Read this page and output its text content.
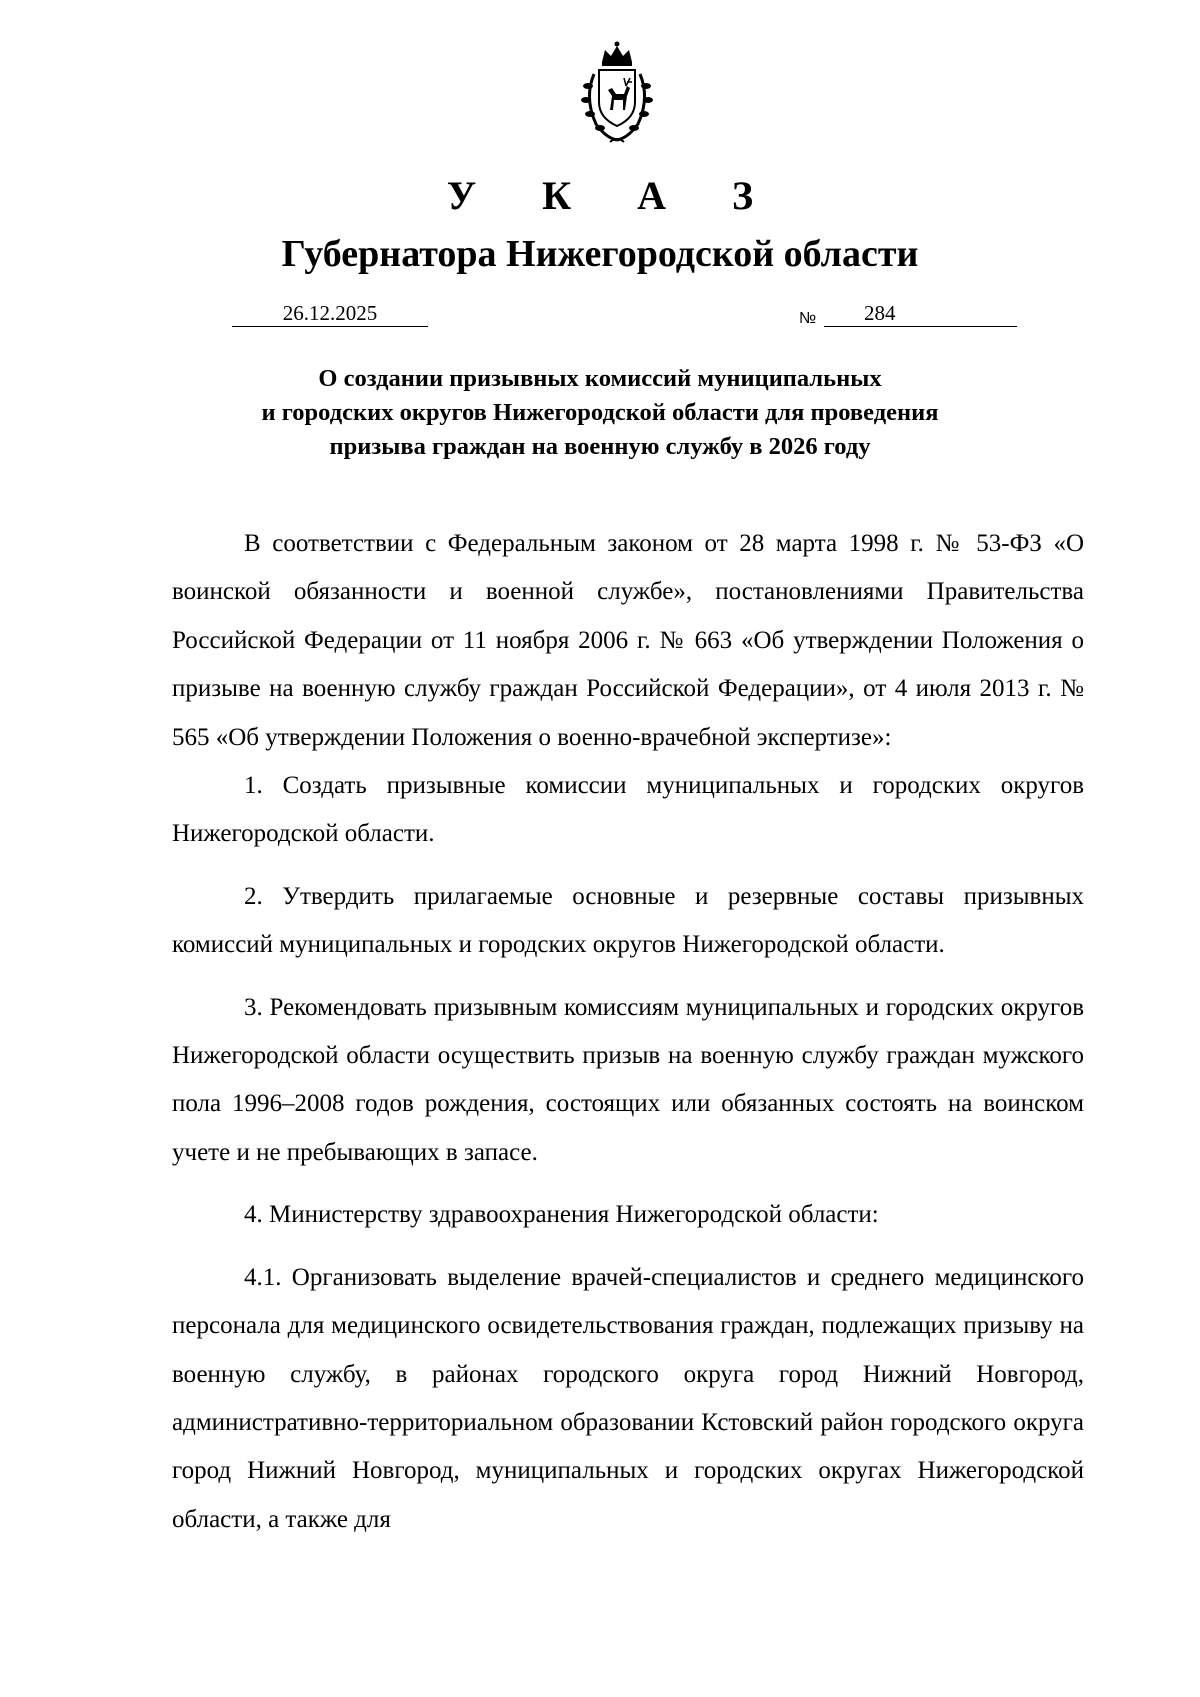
У К А З
Губернатора Нижегородской области
26.12.2025	№ 284
О создании призывных комиссий муниципальных
и городских округов Нижегородской области для проведения
призыва граждан на военную службу в 2026 году

В соответствии с Федеральным законом от 28 марта 1998 г. № 53-ФЗ «О воинской обязанности и военной службе», постановлениями Правительства Российской Федерации от 11 ноября 2006 г. № 663 «Об утверждении Положения о призыве на военную службу граждан Российской Федерации», от 4 июля 2013 г. № 565 «Об утверждении Положения о военно-врачебной экспертизе»:

1. Создать призывные комиссии муниципальных и городских округов Нижегородской области.

2. Утвердить прилагаемые основные и резервные составы призывных комиссий муниципальных и городских округов Нижегородской области.

3. Рекомендовать призывным комиссиям муниципальных и городских округов Нижегородской области осуществить призыв на военную службу граждан мужского пола 1996–2008 годов рождения, состоящих или обязанных состоять на воинском учете и не пребывающих в запасе.

4. Министерству здравоохранения Нижегородской области:

4.1. Организовать выделение врачей-специалистов и среднего медицинского персонала для медицинского освидетельствования граждан, подлежащих призыву на военную службу, в районах городского округа город Нижний Новгород, административно-территориальном образовании Кстовский район городского округа город Нижний Новгород, муниципальных и городских округах Нижегородской области, а также для
